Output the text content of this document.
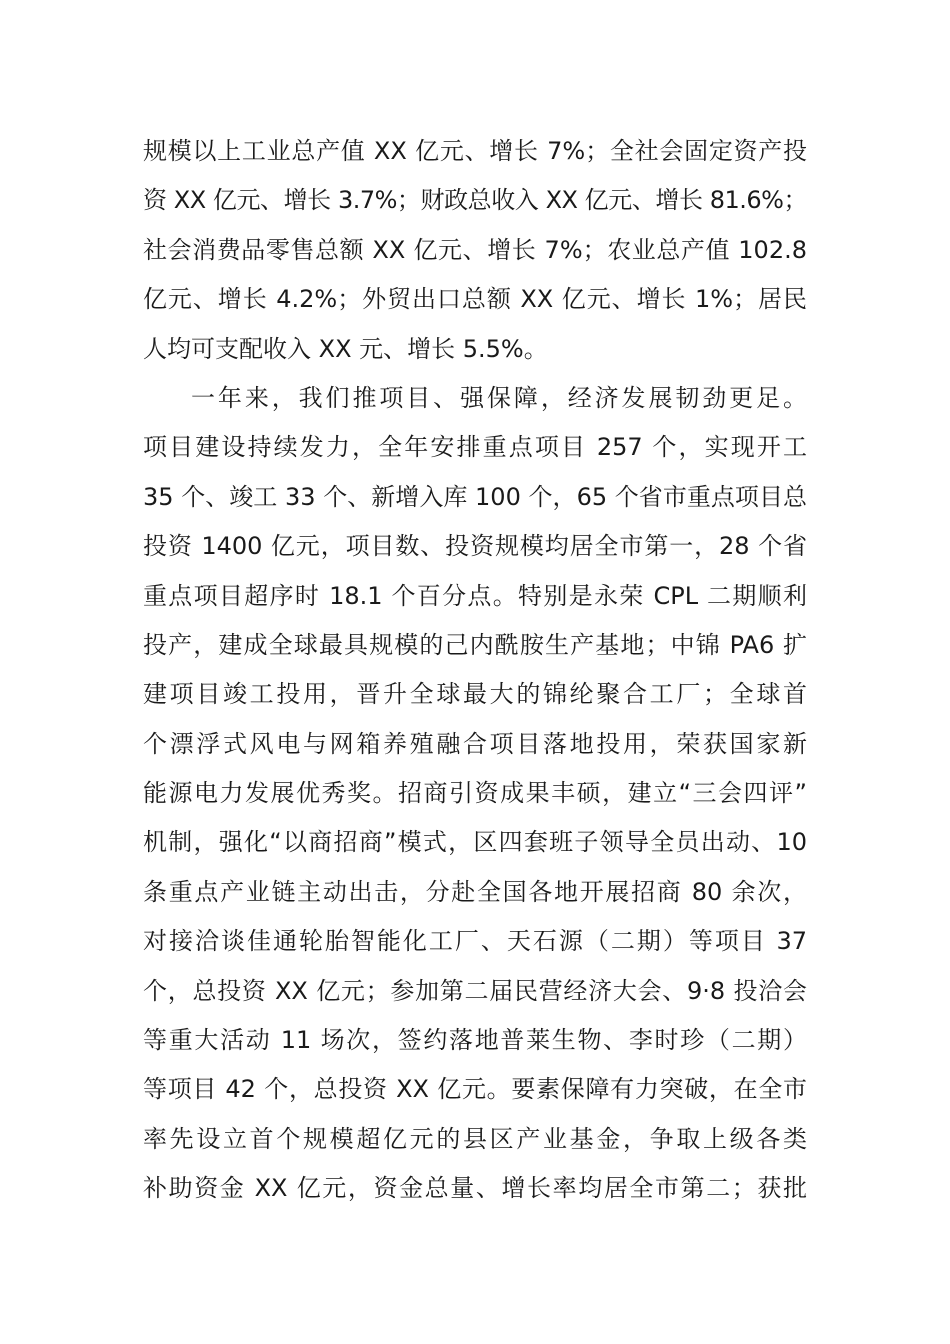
规模以上工业总产值 XX 亿元、增长 7%；全社会固定资产投
资 XX 亿元、增长 3.7%；财政总收入 XX 亿元、增长 81.6%；
社会消费品零售总额 XX 亿元、增长 7%；农业总产值 102.8
亿元、增长 4.2%；外贸出口总额 XX 亿元、增长 1%；居民
人均可支配收入 XX 元、增长 5.5%。
一年来，我们推项目、强保障，经济发展韧劲更足。
项目建设持续发力，全年安排重点项目 257 个，实现开工
35 个、竣工 33 个、新增入库 100 个，65 个省市重点项目总
投资 1400 亿元，项目数、投资规模均居全市第一，28 个省
重点项目超序时 18.1 个百分点。特别是永荣 CPL 二期顺利
投产，建成全球最具规模的己内酰胺生产基地；中锦 PA6 扩
建项目竣工投用，晋升全球最大的锦纶聚合工厂；全球首
个漂浮式风电与网箱养殖融合项目落地投用，荣获国家新
能源电力发展优秀奖。招商引资成果丰硕，建立“三会四评”
机制，强化“以商招商”模式，区四套班子领导全员出动、10
条重点产业链主动出击，分赴全国各地开展招商 80 余次，
对接洽谈佳通轮胎智能化工厂、天石源（二期）等项目 37
个，总投资 XX 亿元；参加第二届民营经济大会、9·8 投洽会
等重大活动 11 场次，签约落地普莱生物、李时珍（二期）
等项目 42 个，总投资 XX 亿元。要素保障有力突破，在全市
率先设立首个规模超亿元的县区产业基金，争取上级各类
补助资金 XX 亿元，资金总量、增长率均居全市第二；获批
